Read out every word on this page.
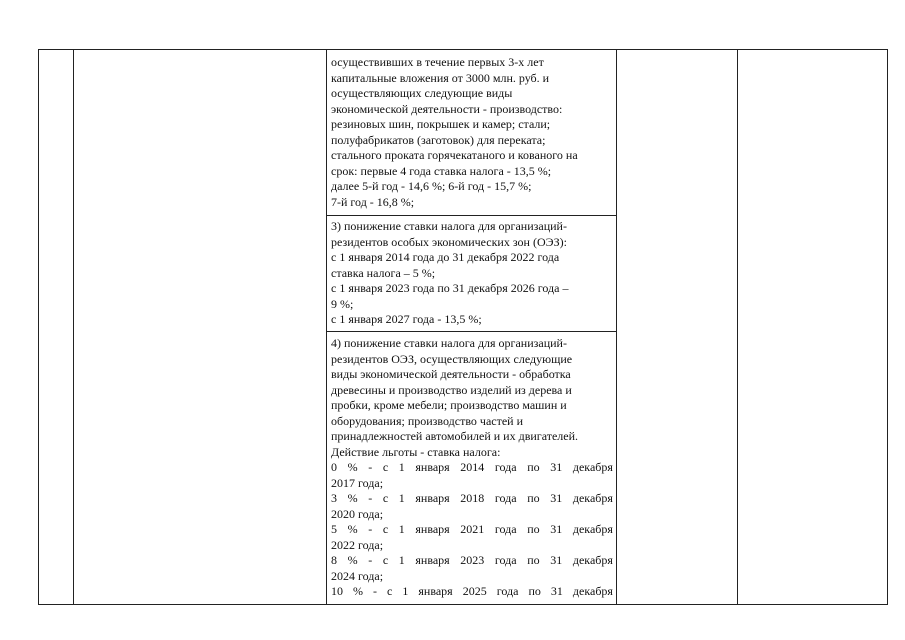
осуществивших в течение первых 3-х лет
капитальные вложения от 3000 млн. руб. и
осуществляющих следующие виды
экономической деятельности - производство:
резиновых шин, покрышек и камер; стали;
полуфабрикатов (заготовок) для переката;
стального проката горячекатаного и кованого на
срок: первые 4 года ставка налога - 13,5 %;
далее 5-й год - 14,6 %; 6-й год - 15,7 %;
7-й год - 16,8 %;
3) понижение ставки налога для организаций-
резидентов особых экономических зон (ОЭЗ):
с 1 января 2014 года до 31 декабря 2022 года
ставка налога – 5 %;
с 1 января 2023 года по 31 декабря 2026 года –
9 %;
с 1 января 2027 года - 13,5 %;
4) понижение ставки налога для организаций-
резидентов ОЭЗ, осуществляющих следующие
виды экономической деятельности - обработка
древесины и производство изделий из дерева и
пробки, кроме мебели; производство машин и
оборудования; производство частей и
принадлежностей автомобилей и их двигателей.
Действие льготы - ставка налога:
0 % - с 1 января 2014 года по 31 декабря
2017 года;
3 % - с 1 января 2018 года по 31 декабря
2020 года;
5 % - с 1 января 2021 года по 31 декабря
2022 года;
8 % - с 1 января 2023 года по 31 декабря
2024 года;
10 % - с 1 января 2025 года по 31 декабря
